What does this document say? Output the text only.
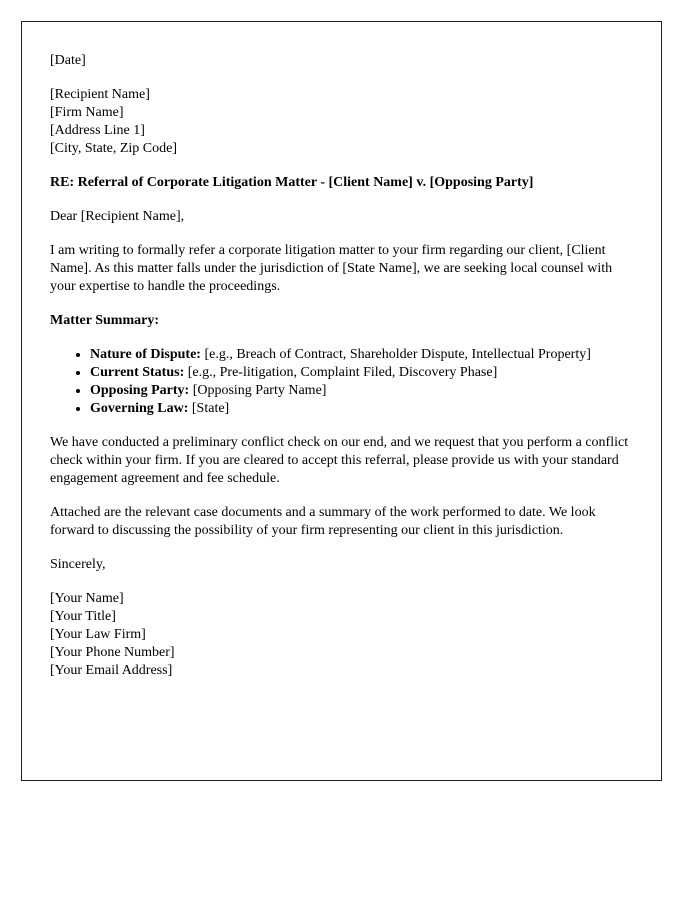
[Date]

[Recipient Name]
[Firm Name]
[Address Line 1]
[City, State, Zip Code]

RE: Referral of Corporate Litigation Matter - [Client Name] v. [Opposing Party]

Dear [Recipient Name],

I am writing to formally refer a corporate litigation matter to your firm regarding our client, [Client Name]. As this matter falls under the jurisdiction of [State Name], we are seeking local counsel with your expertise to handle the proceedings.

Matter Summary:

• Nature of Dispute: [e.g., Breach of Contract, Shareholder Dispute, Intellectual Property]
• Current Status: [e.g., Pre-litigation, Complaint Filed, Discovery Phase]
• Opposing Party: [Opposing Party Name]
• Governing Law: [State]

We have conducted a preliminary conflict check on our end, and we request that you perform a conflict check within your firm. If you are cleared to accept this referral, please provide us with your standard engagement agreement and fee schedule.

Attached are the relevant case documents and a summary of the work performed to date. We look forward to discussing the possibility of your firm representing our client in this jurisdiction.

Sincerely,

[Your Name]
[Your Title]
[Your Law Firm]
[Your Phone Number]
[Your Email Address]
